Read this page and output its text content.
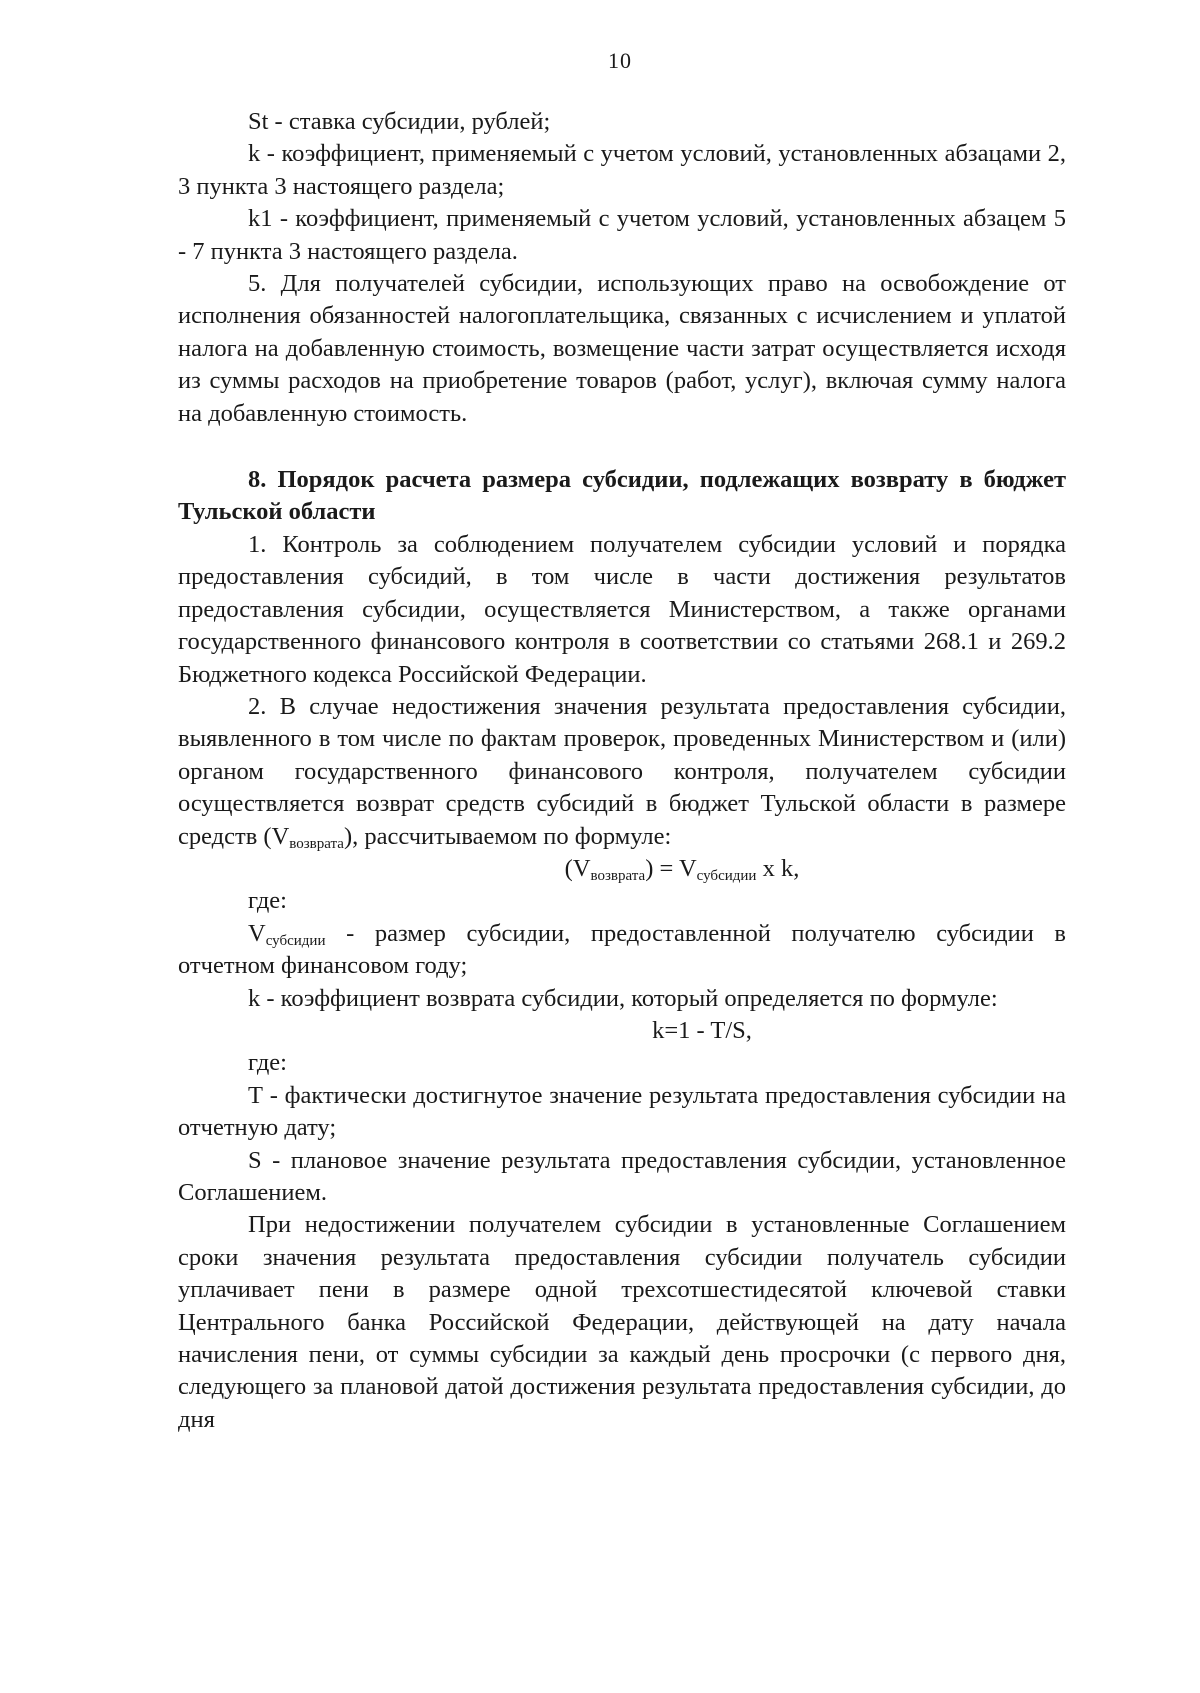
10

St - ставка субсидии, рублей;

k - коэффициент, применяемый с учетом условий, установленных абзацами 2, 3 пункта 3 настоящего раздела;

k1 - коэффициент, применяемый с учетом условий, установленных абзацем 5 - 7 пункта 3 настоящего раздела.

5. Для получателей субсидии, использующих право на освобождение от исполнения обязанностей налогоплательщика, связанных с исчислением и уплатой налога на добавленную стоимость, возмещение части затрат осуществляется исходя из суммы расходов на приобретение товаров (работ, услуг), включая сумму налога на добавленную стоимость.

8. Порядок расчета размера субсидии, подлежащих возврату в бюджет Тульской области

1. Контроль за соблюдением получателем субсидии условий и порядка предоставления субсидий, в том числе в части достижения результатов предоставления субсидии, осуществляется Министерством, а также органами государственного финансового контроля в соответствии со статьями 268.1 и 269.2 Бюджетного кодекса Российской Федерации.

2. В случае недостижения значения результата предоставления субсидии, выявленного в том числе по фактам проверок, проведенных Министерством и (или) органом государственного финансового контроля, получателем субсидии осуществляется возврат средств субсидий в бюджет Тульской области в размере средств $(V_{возврата})$, рассчитываемом по формуле:

$(V_{возврата}) = V_{субсидии}$ x k,

где:

$V_{субсидии}$ - размер субсидии, предоставленной получателю субсидии в отчетном финансовом году;

k - коэффициент возврата субсидии, который определяется по формуле:

k=1 - T/S,

где:

Т - фактически достигнутое значение результата предоставления субсидии на отчетную дату;

S - плановое значение результата предоставления субсидии, установленное Соглашением.

При недостижении получателем субсидии в установленные Соглашением сроки значения результата предоставления субсидии получатель субсидии уплачивает пени в размере одной трехсотшестидесятой ключевой ставки Центрального банка Российской Федерации, действующей на дату начала начисления пени, от суммы субсидии за каждый день просрочки (с первого дня, следующего за плановой датой достижения результата предоставления субсидии, до дня
